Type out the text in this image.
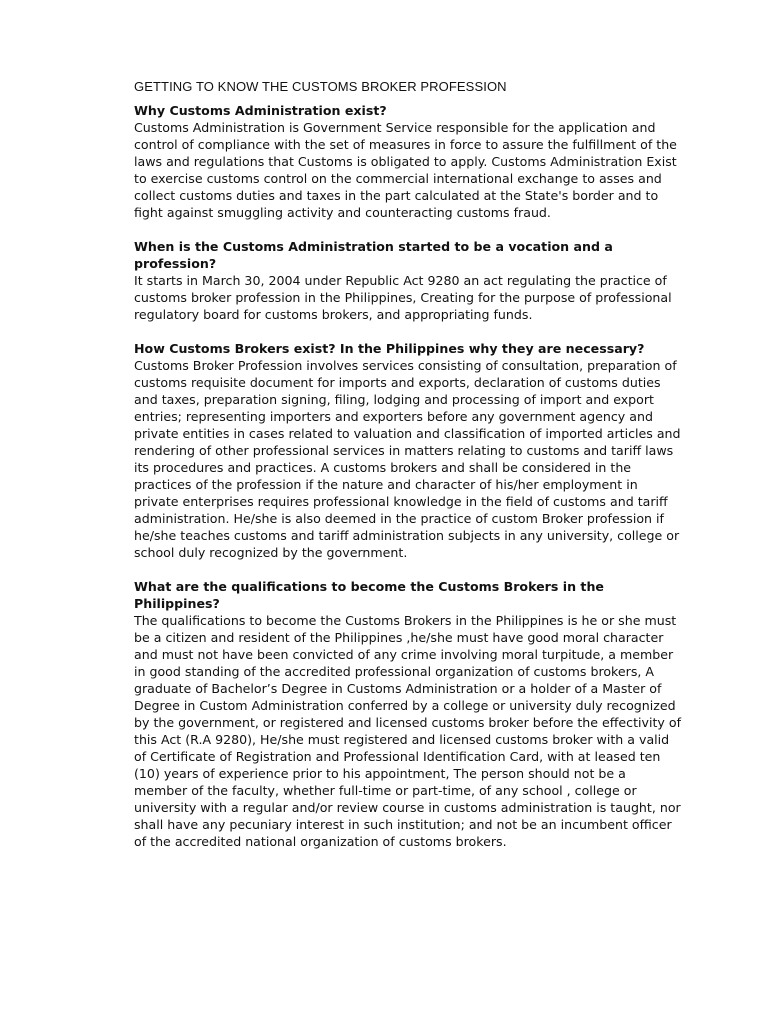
GETTING TO KNOW THE CUSTOMS BROKER PROFESSION

Why Customs Administration exist?

Customs Administration is Government Service responsible for the application and control of compliance with the set of measures in force to assure the fulfillment of the laws and regulations that Customs is obligated to apply. Customs Administration Exist to exercise customs control on the commercial international exchange to asses and collect customs duties and taxes in the part calculated at the State's border and to fight against smuggling activity and counteracting customs fraud.

When is the Customs Administration started to be a vocation and a profession?

It starts in March 30, 2004 under Republic Act 9280 an act regulating the practice of customs broker profession in the Philippines, Creating for the purpose of professional regulatory board for customs brokers, and appropriating funds.

How Customs Brokers exist? In the Philippines why they are necessary?

Customs Broker Profession involves services consisting of consultation, preparation of customs requisite document for imports and exports, declaration of customs duties and taxes, preparation signing, filing, lodging and processing of import and export entries; representing importers and exporters before any government agency and private entities in cases related to valuation and classification of imported articles and rendering of other professional services in matters relating to customs and tariff laws its procedures and practices. A customs brokers and shall be considered in the practices of the profession if the nature and character of his/her employment in private enterprises requires professional knowledge in the field of customs and tariff administration. He/she is also deemed in the practice of custom Broker profession if he/she teaches customs and tariff administration subjects in any university, college or school duly recognized by the government.

What are the qualifications to become the Customs Brokers in the Philippines?

The qualifications to become the Customs Brokers in the Philippines is he or she must be a citizen and resident of the Philippines ,he/she must have good moral character and must not have been convicted of any crime involving moral turpitude, a member in good standing of the accredited professional organization of customs brokers, A graduate of Bachelor’s Degree in Customs Administration or a holder of a Master of Degree in Custom Administration conferred by a college or university duly recognized by the government, or registered and licensed customs broker before the effectivity of this Act (R.A 9280), He/she must registered and licensed customs broker with a valid of Certificate of Registration and Professional Identification Card, with at leased ten (10) years of experience prior to his appointment, The person should not be a member of the faculty, whether full-time or part-time, of any school , college or university with a regular and/or review course in customs administration is taught, nor shall have any pecuniary interest in such institution; and not be an incumbent officer of the accredited national organization of customs brokers.
